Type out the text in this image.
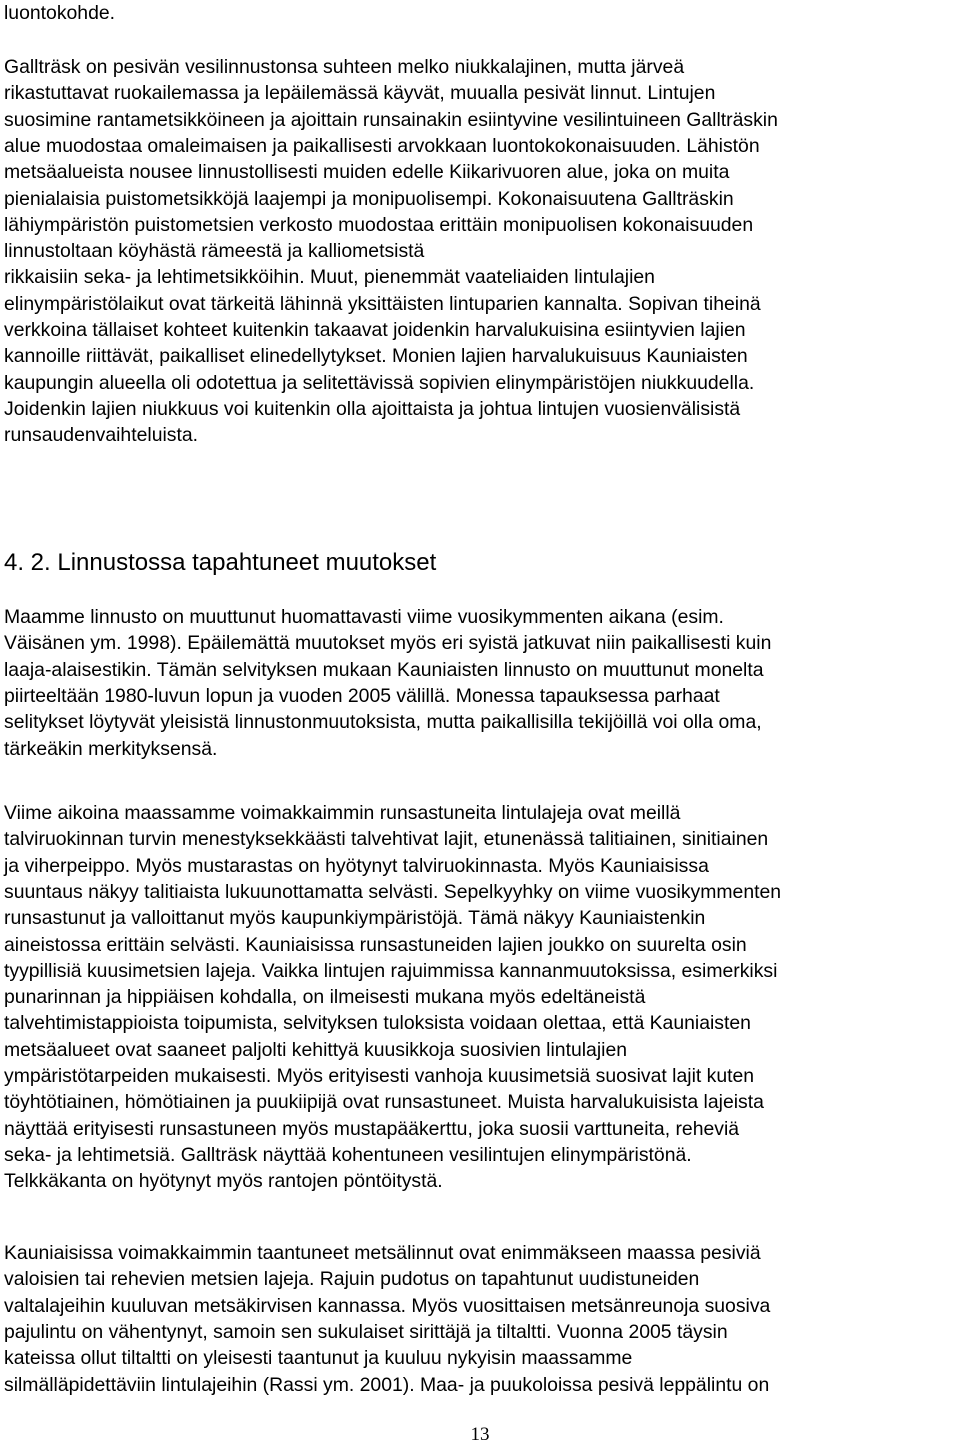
luontokohde.
Gallträsk on pesivän vesilinnustonsa suhteen melko niukkalajinen, mutta järveä
rikastuttavat ruokailemassa ja lepäilemässä käyvät, muualla pesivät linnut. Lintujen
suosimine rantametsikköineen ja ajoittain runsainakin esiintyvine vesilintuineen Gallträskin
alue muodostaa omaleimaisen ja paikallisesti arvokkaan luontokokonaisuuden. Lähistön
metsäalueista nousee linnustollisesti muiden edelle Kiikarivuoren alue, joka on muita
pienialaisia puistometsikköjä laajempi ja monipuolisempi. Kokonaisuutena Gallträskin
lähiympäristön puistometsien verkosto muodostaa erittäin monipuolisen kokonaisuuden
linnustoltaan köyhästä rämeestä ja kalliometsistä
rikkaisiin seka- ja lehtimetsikköihin. Muut, pienemmät vaateliaiden lintulajien
elinympäristölaikut ovat tärkeitä lähinnä yksittäisten lintuparien kannalta. Sopivan tiheinä
verkkoina tällaiset kohteet kuitenkin takaavat joidenkin harvalukuisina esiintyvien lajien
kannoille riittävät, paikalliset elinedellytykset. Monien lajien harvalukuisuus Kauniaisten
kaupungin alueella oli odotettua ja selitettävissä sopivien elinympäristöjen niukkuudella.
Joidenkin lajien niukkuus voi kuitenkin olla ajoittaista ja johtua lintujen vuosienvälisistä
runsaudenvaihteluista.
4. 2. Linnustossa tapahtuneet muutokset
Maamme linnusto on muuttunut huomattavasti viime vuosikymmenten aikana (esim.
Väisänen ym. 1998). Epäilemättä muutokset myös eri syistä jatkuvat niin paikallisesti kuin
laaja-alaisestikin. Tämän selvityksen mukaan Kauniaisten linnusto on muuttunut monelta
piirteeltään 1980-luvun lopun ja vuoden 2005 välillä. Monessa tapauksessa parhaat
selitykset löytyvät yleisistä linnustonmuutoksista, mutta paikallisilla tekijöillä voi olla oma,
tärkeäkin merkityksensä.
Viime aikoina maassamme voimakkaimmin runsastuneita lintulajeja ovat meillä
talviruokinnan turvin menestyksekkäästi talvehtivat lajit, etunenässä talitiainen, sinitiainen
ja viherpeippo. Myös mustarastas on hyötynyt talviruokinnasta. Myös Kauniaisissa
suuntaus näkyy talitiaista lukuunottamatta selvästi. Sepelkyyhky on viime vuosikymmenten
runsastunut ja valloittanut myös kaupunkiympäristöjä. Tämä näkyy Kauniaistenkin
aineistossa erittäin selvästi. Kauniaisissa runsastuneiden lajien joukko on suurelta osin
tyypillisiä kuusimetsien lajeja. Vaikka lintujen rajuimmissa kannanmuutoksissa, esimerkiksi
punarinnan ja hippiäisen kohdalla, on ilmeisesti mukana myös edeltäneistä
talvehtimistappioista toipumista, selvityksen tuloksista voidaan olettaa, että Kauniaisten
metsäalueet ovat saaneet paljolti kehittyä kuusikkoja suosivien lintulajien
ympäristötarpeiden mukaisesti. Myös erityisesti vanhoja kuusimetsiä suosivat lajit kuten
töyhtötiainen, hömötiainen ja puukiipijä ovat runsastuneet. Muista harvalukuisista lajeista
näyttää erityisesti runsastuneen myös mustapääkerttu, joka suosii varttuneita, reheviä
seka- ja lehtimetsiä. Gallträsk näyttää kohentuneen vesilintujen elinympäristönä.
Telkkäkanta on hyötynyt myös rantojen pöntöitystä.
Kauniaisissa voimakkaimmin taantuneet metsälinnut ovat enimmäkseen maassa pesiviä
valoisien tai rehevien metsien lajeja. Rajuin pudotus on tapahtunut uudistuneiden
valtalajeihin kuuluvan metsäkirvisen kannassa. Myös vuosittaisen metsänreunoja suosiva
pajulintu on vähentynyt, samoin sen sukulaiset sirittäjä ja tiltaltti. Vuonna 2005 täysin
kateissa ollut tiltaltti on yleisesti taantunut ja kuuluu nykyisin maassamme
silmälläpidettäviin lintulajeihin (Rassi ym. 2001). Maa- ja puukoloissa pesivä leppälintu on
13
